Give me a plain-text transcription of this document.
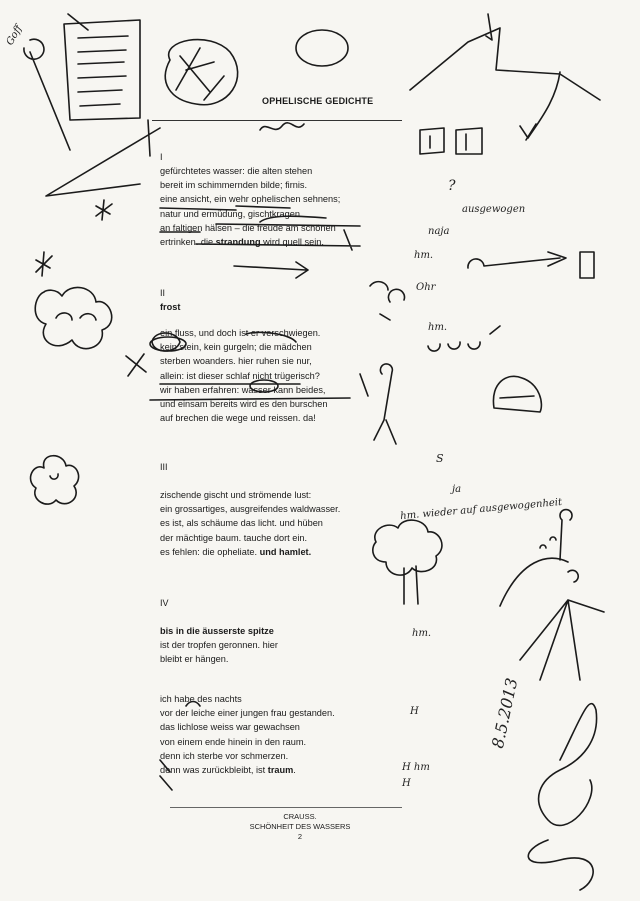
OPHELISCHE GEDICHTE
I
gefürchtetes wasser: die alten stehen
bereit im schimmernden bilde; firnis.
eine ansicht, ein wehr ophelischen sehnens;
natur und ermüdung, gischtkragen
an faltigen hälsen – die freude am schönen
ertrinken. die strandung wird quell sein.
II
frost
ein fluss, und doch ist er verschwiegen.
kein stein, kein gurgeln; die mädchen
sterben woanders. hier ruhen sie nur,
allein: ist dieser schlaf nicht trügerisch?
wir haben erfahren: wasser kann beides,
und einsam bereits wird es den burschen
auf brechen die wege und reissen. da!
III
zischende gischt und strömende lust:
ein grossartiges, ausgreifendes waldwasser.
es ist, als schäume das licht. und hüben
der mächtige baum. tauche dort ein.
es fehlen: die opheliate. und hamlet.
IV
bis in die äusserste spitze
ist der tropfen geronnen. hier
bleibt er hängen.
ich habe des nachts
vor der leiche einer jungen frau gestanden.
das lichlose weiss war gewachsen
von einem ende hinein in den raum.
denn ich sterbe vor schmerzen.
denn was zurückbleibt, ist traum.
CRAUSS.
SCHÖNHEIT DES WASSERS
2
Goff
?
ausgewogen
naja
hm.
Ohr
hm.
S
ja
hm. wieder auf ausgewogenheit
hm.
H
H hm
H
8.5.2013
